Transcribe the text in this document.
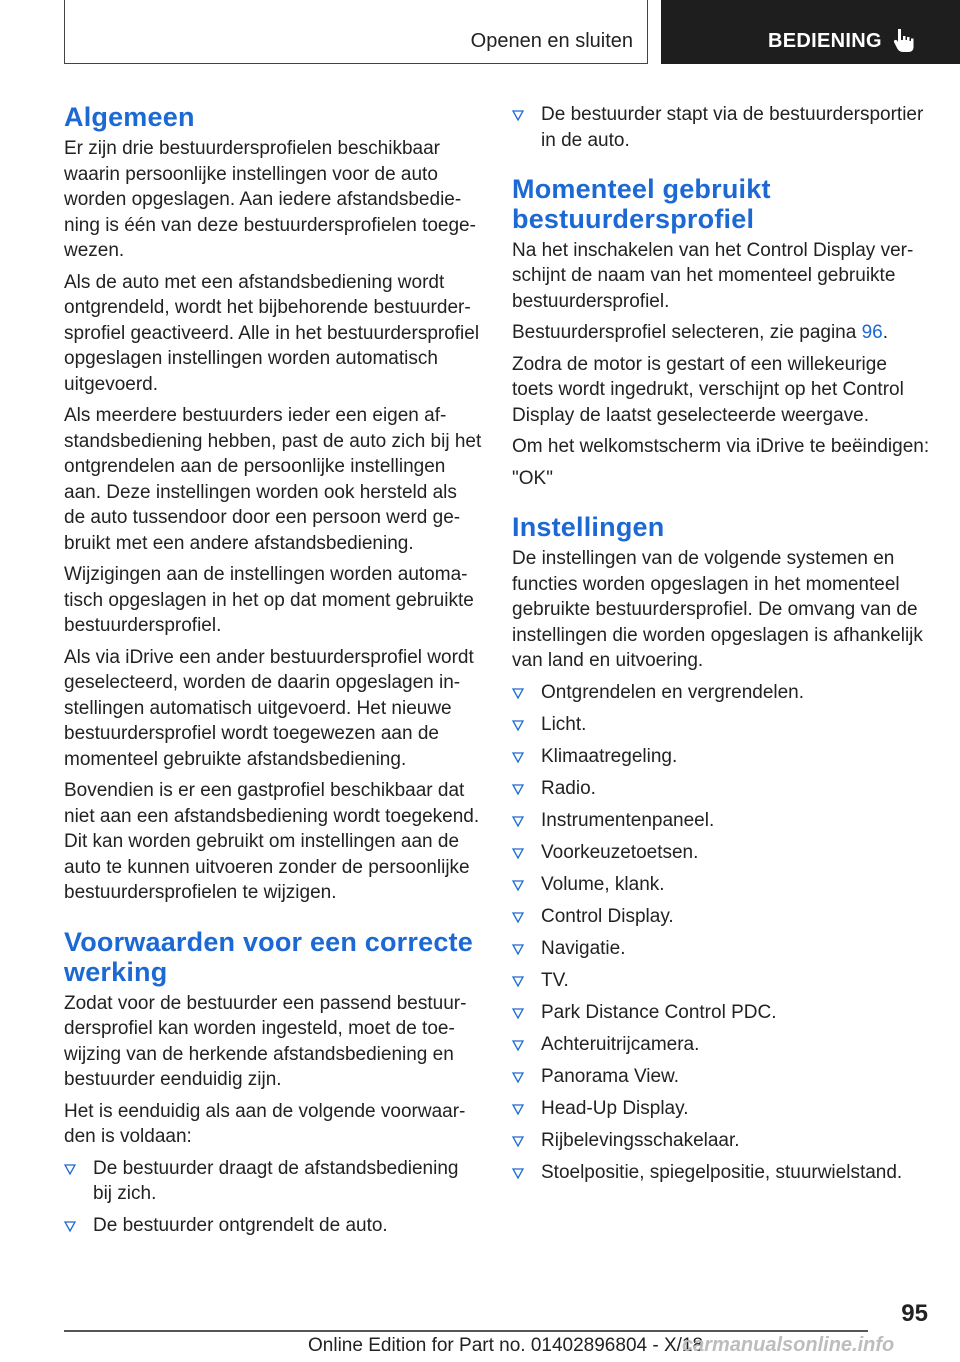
Openen en sluiten	BEDIENING
Algemeen

Er zijn drie bestuurdersprofielen beschikbaar waarin persoonlijke instellingen voor de auto worden opgeslagen. Aan iedere afstandsbediening is één van deze bestuurdersprofielen toegewezen.

Als de auto met een afstandsbediening wordt ontgrendeld, wordt het bijbehorende bestuurdersprofiel geactiveerd. Alle in het bestuurdersprofiel opgeslagen instellingen worden automatisch uitgevoerd.

Als meerdere bestuurders ieder een eigen afstandsbediening hebben, past de auto zich bij het ontgrendelen aan de persoonlijke instellingen aan. Deze instellingen worden ook hersteld als de auto tussendoor door een persoon werd gebruikt met een andere afstandsbediening.

Wijzigingen aan de instellingen worden automatisch opgeslagen in het op dat moment gebruikte bestuurdersprofiel.

Als via iDrive een ander bestuurdersprofiel wordt geselecteerd, worden de daarin opgeslagen instellingen automatisch uitgevoerd. Het nieuwe bestuurdersprofiel wordt toegewezen aan de momenteel gebruikte afstandsbediening.

Bovendien is er een gastprofiel beschikbaar dat niet aan een afstandsbediening wordt toegekend. Dit kan worden gebruikt om instellingen aan de auto te kunnen uitvoeren zonder de persoonlijke bestuurdersprofielen te wijzigen.

Voorwaarden voor een correcte werking

Zodat voor de bestuurder een passend bestuurdersprofiel kan worden ingesteld, moet de toewijzing van de herkende afstandsbediening en bestuurder eenduidig zijn.

Het is eenduidig als aan de volgende voorwaarden is voldaan:

De bestuurder draagt de afstandsbediening bij zich.
De bestuurder ontgrendelt de auto.
De bestuurder stapt via de bestuurdersportier in de auto.
Momenteel gebruikt bestuurdersprofiel

Na het inschakelen van het Control Display verschijnt de naam van het momenteel gebruikte bestuurdersprofiel.

Bestuurdersprofiel selecteren, zie pagina 96.

Zodra de motor is gestart of een willekeurige toets wordt ingedrukt, verschijnt op het Control Display de laatst geselecteerde weergave.

Om het welkomstscherm via iDrive te beëindigen:

"OK"

Instellingen

De instellingen van de volgende systemen en functies worden opgeslagen in het momenteel gebruikte bestuurdersprofiel. De omvang van de instellingen die worden opgeslagen is afhankelijk van land en uitvoering.

Ontgrendelen en vergrendelen.
Licht.
Klimaatregeling.
Radio.
Instrumentenpaneel.
Voorkeuzetoetsen.
Volume, klank.
Control Display.
Navigatie.
TV.
Park Distance Control PDC.
Achteruitrijcamera.
Panorama View.
Head-Up Display.
Rijbelevingsschakelaar.
Stoelpositie, spiegelpositie, stuurwielstand.
95
Online Edition for Part no. 01402896804 - X/18
carmanualsonline.info
